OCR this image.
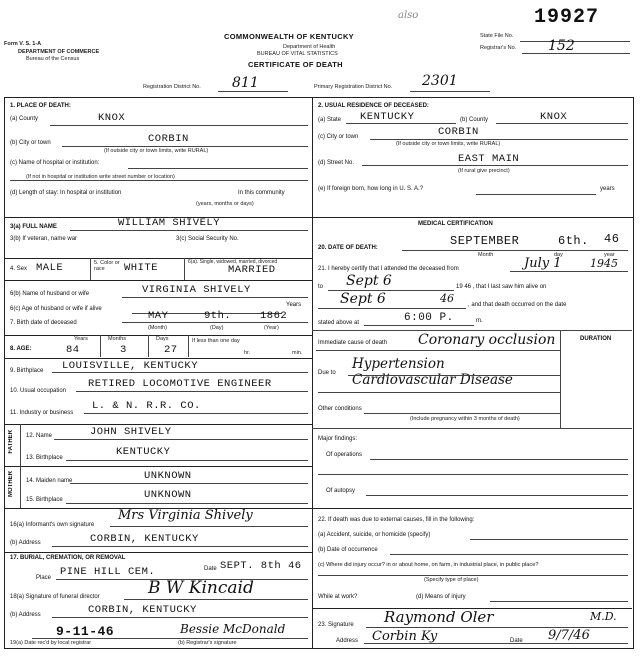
Form V. S. 1-A
DEPARTMENT OF COMMERCE
Bureau of the Census
COMMONWEALTH OF KENTUCKY
Department of Health
BUREAU OF VITAL STATISTICS
CERTIFICATE OF DEATH
also	19927
State File No.
Registrar's No. 152
Registration District No. 811	Primary Registration District No. 2301
1. PLACE OF DEATH:
(a) County	KNOX
(b) City or town	CORBIN
(If outside city or town limits, write RURAL)
(c) Name of hospital or institution:
(If not in hospital or institution write street number or location)
(d) Length of stay: In hospital or institution	In this community
(years, months or days)
2. USUAL RESIDENCE OF DECEASED:
(a) State KENTUCKY	(b) County	KNOX
(c) City or town	CORBIN
(If outside city or town limits, write RURAL)
(d) Street No.	EAST MAIN
(If rural give precinct)
(e) If foreign born, how long in U. S. A.?	years
3(a) FULL NAME	WILLIAM SHIVELY
3(b) If veteran, name war	3(c) Social Security No.
4. Sex MALE	5. Color or race	WHITE	6(a). Single, widowed, married, divorced
MARRIED
6(b) Name of husband or wife	VIRGINIA SHIVELY
6(c) Age of husband or wife if alive
Years
7. Birth date of deceased
MAY	9th.	1862
(Month)	(Day)	(Year)
8. AGE:
Years	Months	Days	If less than one day
84	3	27	hr.	min.
9. Birthplace LOUISVILLE, KENTUCKY
10. Usual occupation
RETIRED LOCOMOTIVE ENGINEER
11. Industry or business
L. & N. R.R. CO.
FATHER 12. Name	JOHN SHIVELY
13. Birthplace	KENTUCKY
MOTHER 14. Maiden name	UNKNOWN
15. Birthplace	UNKNOWN
16(a) Informant's own signature
Mrs Virginia Shively
(b) Address	CORBIN, KENTUCKY
17. BURIAL, CREMATION, OR REMOVAL
Place PINE HILL CEM.	Date SEPT. 8th 46
18(a) Signature of funeral director	B W Kincaid
(b) Address	CORBIN, KENTUCKY
9-11-46	Bessie McDonald
19(a) Date rec'd by local registrar	(b) Registrar's signature
MEDICAL CERTIFICATION
20. DATE OF DEATH:	SEPTEMBER	6th. 46
Month	day	year
21. I hereby certify that I attended the deceased from	July 1	1945
to Sept 6	19 46 , that I last saw him alive on
Sept 6	46 , and that death occurred on the date
stated above at	6:00 P.	m.
Immediate cause of death Coronary occlusion	DURATION
Due to
Hypertension Cardiovascular Disease
Other conditions
(Include pregnancy within 3 months of death)
Major findings:
Of operations
Of autopsy
22. If death was due to external causes, fill in the following:
(a) Accident, suicide, or homicide (specify)
(b) Date of occurrence
(c) Where did injury occur? in or about home, on farm, in industrial place, in public place?
(Specify type of place)
While at work?	(d) Means of injury
23. Signature Raymond Oler	M.D.
Address Corbin Ky	Date 9/7/46
